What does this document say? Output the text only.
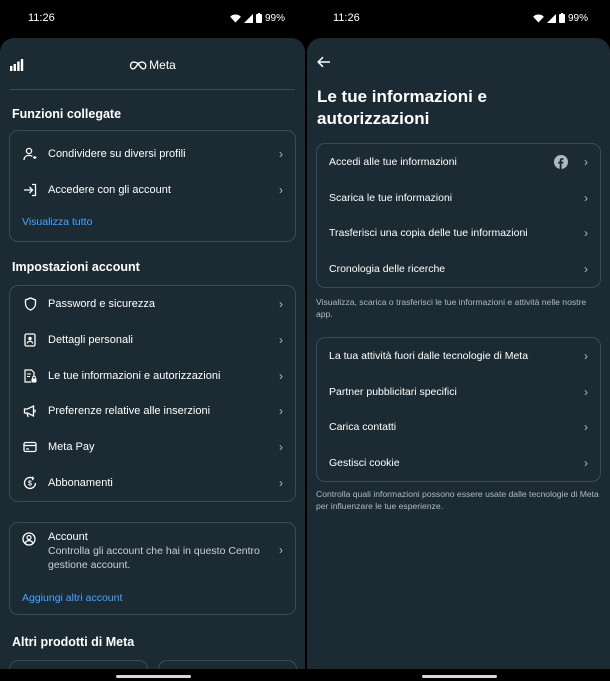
11:26	99%	11:26	99%
Meta
Funzioni collegate
Condividere su diversi profili	›
Accedere con gli account	›
Visualizza tutto
Impostazioni account
Password e sicurezza	›
Dettagli personali	›
Le tue informazioni e autorizzazioni	›
Preferenze relative alle inserzioni	›
Meta Pay	›
$ Abbonamenti	›
Account
Controlla gli account che hai in questo Centro gestione account.
›
Aggiungi altri account
Altri prodotti di Meta
Le tue informazioni e autorizzazioni
Accedi alle tue informazioni	›
Scarica le tue informazioni	›
Trasferisci una copia delle tue informazioni	›
Cronologia delle ricerche	›
Visualizza, scarica o trasferisci le tue informazioni e attività nelle nostre app.
La tua attività fuori dalle tecnologie di Meta	›
Partner pubblicitari specifici	›
Carica contatti	›
Gestisci cookie	›
Controlla quali informazioni possono essere usate dalle tecnologie di Meta per influenzare le tue esperienze.
